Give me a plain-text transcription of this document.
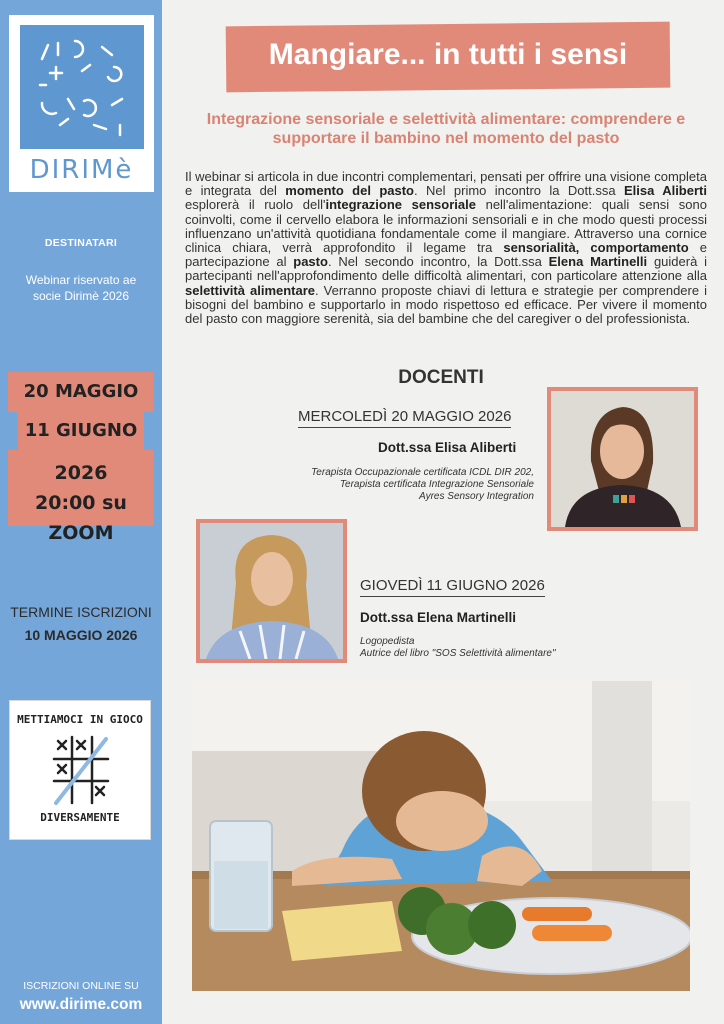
DIRIMè
DESTINATARI
Webinar riservato ae socie Dirimè 2026
20 MAGGIO
11 GIUGNO
2026
20:00 su ZOOM
TERMINE ISCRIZIONI
10 MAGGIO 2026
METTIAMOCI IN GIOCO
DIVERSAMENTE
ISCRIZIONI ONLINE SU
www.dirime.com
Mangiare... in tutti i sensi
Integrazione sensoriale e selettività alimentare: comprendere e supportare il bambino nel momento del pasto
Il webinar si articola in due incontri complementari, pensati per offrire una visione completa e integrata del momento del pasto. Nel primo incontro la Dott.ssa Elisa Aliberti esplorerà il ruolo dell'integrazione sensoriale nell'alimentazione: quali sensi sono coinvolti, come il cervello elabora le informazioni sensoriali e in che modo questi processi influenzano un'attività quotidiana fondamentale come il mangiare. Attraverso una cornice clinica chiara, verrà approfondito il legame tra sensorialità, comportamento e partecipazione al pasto. Nel secondo incontro, la Dott.ssa Elena Martinelli guiderà i partecipanti nell'approfondimento delle difficoltà alimentari, con particolare attenzione alla selettività alimentare. Verranno proposte chiavi di lettura e strategie per comprendere i bisogni del bambino e supportarlo in modo rispettoso ed efficace. Per vivere il momento del pasto con maggiore serenità, sia del bambine che del caregiver o del professionista.
DOCENTI
MERCOLEDÌ 20 MAGGIO 2026
Dott.ssa Elisa Aliberti
Terapista Occupazionale certificata ICDL DIR 202,
Terapista certificata Integrazione Sensoriale
Ayres Sensory Integration
GIOVEDÌ 11 GIUGNO 2026
Dott.ssa Elena Martinelli
Logopedista
Autrice del libro "SOS Selettività alimentare"
